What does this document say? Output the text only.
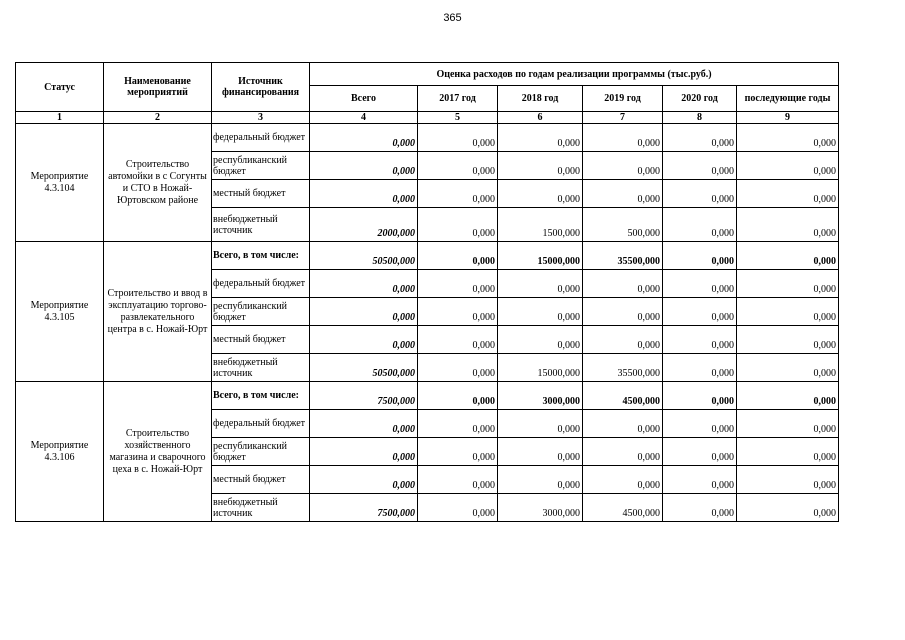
365
Статус	Наименование мероприятий	Источник финансирования	Оценка расходов по годам реализации программы (тыс.руб.)					
			Всего	2017 год	2018 год	2019 год	2020 год	последующие годы
1	2	3	4	5	6	7	8	9
Мероприятие 4.3.104	Строительство автомойки в с Согунты и СТО в Ножай-Юртовском районе	федеральный бюджет	0,000	0,000	0,000	0,000	0,000	0,000
		республиканский бюджет	0,000	0,000	0,000	0,000	0,000	0,000
		местный бюджет	0,000	0,000	0,000	0,000	0,000	0,000
		внебюджетный источник	2000,000	0,000	1500,000	500,000	0,000	0,000
Мероприятие 4.3.105	Строительство и ввод в эксплуатацию торгово-развлекательного центра в с. Ножай-Юрт	Всего, в том числе:	50500,000	0,000	15000,000	35500,000	0,000	0,000
		федеральный бюджет	0,000	0,000	0,000	0,000	0,000	0,000
		республиканский бюджет	0,000	0,000	0,000	0,000	0,000	0,000
		местный бюджет	0,000	0,000	0,000	0,000	0,000	0,000
		внебюджетный источник	50500,000	0,000	15000,000	35500,000	0,000	0,000
Мероприятие 4.3.106	Строительство хозяйственного магазина и сварочного цеха в с. Ножай-Юрт	Всего, в том числе:	7500,000	0,000	3000,000	4500,000	0,000	0,000
		федеральный бюджет	0,000	0,000	0,000	0,000	0,000	0,000
		республиканский бюджет	0,000	0,000	0,000	0,000	0,000	0,000
		местный бюджет	0,000	0,000	0,000	0,000	0,000	0,000
		внебюджетный источник	7500,000	0,000	3000,000	4500,000	0,000	0,000
